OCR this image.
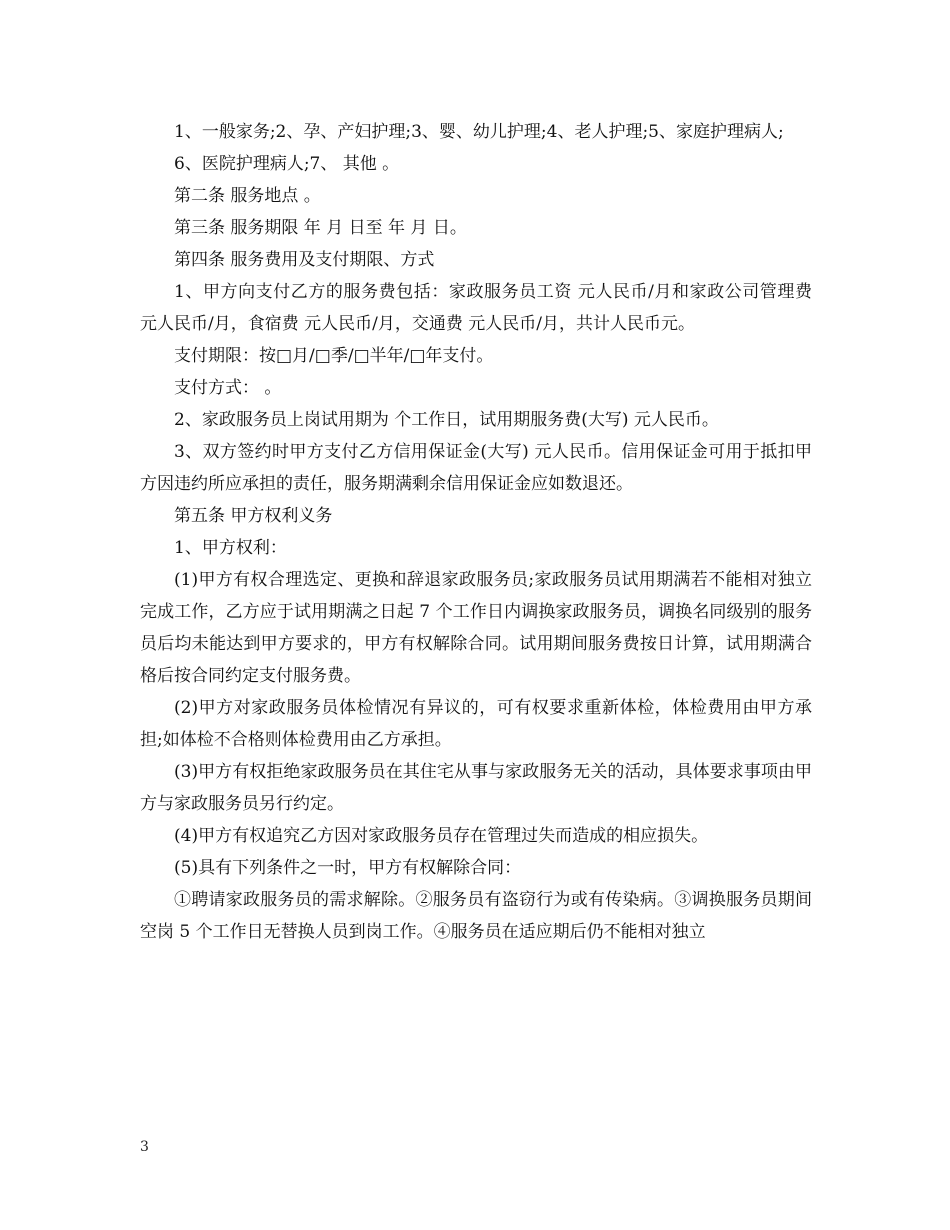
1、一般家务;2、孕、产妇护理;3、婴、幼儿护理;4、老人护理;5、家庭护理病人;

6、医院护理病人;7、 其他 。

第二条 服务地点 。

第三条 服务期限 年 月 日至 年 月 日。

第四条 服务费用及支付期限、方式

1、甲方向支付乙方的服务费包括：家政服务员工资 元人民币/月和家政公司管理费 元人民币/月，食宿费 元人民币/月，交通费 元人民币/月，共计人民币元。

支付期限：按□月/□季/□半年/□年支付。

支付方式： 。

2、家政服务员上岗试用期为 个工作日，试用期服务费(大写) 元人民币。

3、双方签约时甲方支付乙方信用保证金(大写) 元人民币。信用保证金可用于抵扣甲方因违约所应承担的责任，服务期满剩余信用保证金应如数退还。

第五条 甲方权利义务

1、甲方权利：

(1)甲方有权合理选定、更换和辞退家政服务员;家政服务员试用期满若不能相对独立完成工作，乙方应于试用期满之日起 7 个工作日内调换家政服务员，调换名同级别的服务员后均未能达到甲方要求的，甲方有权解除合同。试用期间服务费按日计算，试用期满合格后按合同约定支付服务费。

(2)甲方对家政服务员体检情况有异议的，可有权要求重新体检，体检费用由甲方承担;如体检不合格则体检费用由乙方承担。

(3)甲方有权拒绝家政服务员在其住宅从事与家政服务无关的活动，具体要求事项由甲方与家政服务员另行约定。

(4)甲方有权追究乙方因对家政服务员存在管理过失而造成的相应损失。

(5)具有下列条件之一时，甲方有权解除合同：

①聘请家政服务员的需求解除。②服务员有盗窃行为或有传染病。③调换服务员期间空岗 5 个工作日无替换人员到岗工作。④服务员在适应期后仍不能相对独立

3
